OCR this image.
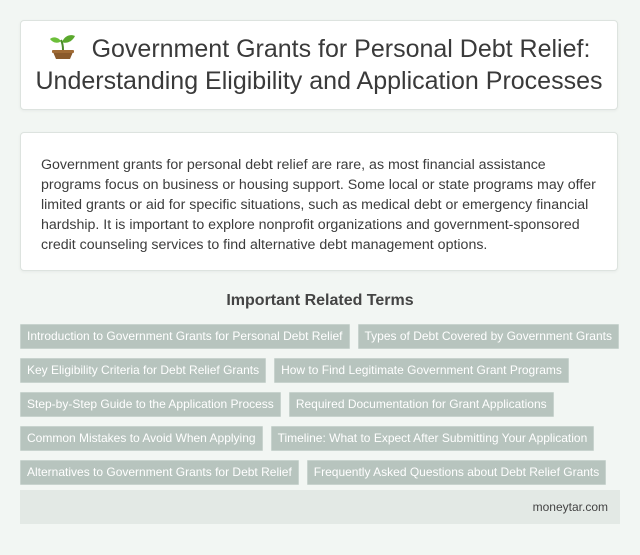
Government Grants for Personal Debt Relief: Understanding Eligibility and Application Processes

Government grants for personal debt relief are rare, as most financial assistance programs focus on business or housing support. Some local or state programs may offer limited grants or aid for specific situations, such as medical debt or emergency financial hardship. It is important to explore nonprofit organizations and government-sponsored credit counseling services to find alternative debt management options.

Important Related Terms
Introduction to Government Grants for Personal Debt Relief	Types of Debt Covered by Government Grants
Key Eligibility Criteria for Debt Relief Grants	How to Find Legitimate Government Grant Programs
Step-by-Step Guide to the Application Process	Required Documentation for Grant Applications
Common Mistakes to Avoid When Applying	Timeline: What to Expect After Submitting Your Application
Alternatives to Government Grants for Debt Relief	Frequently Asked Questions about Debt Relief Grants
moneytar.com
